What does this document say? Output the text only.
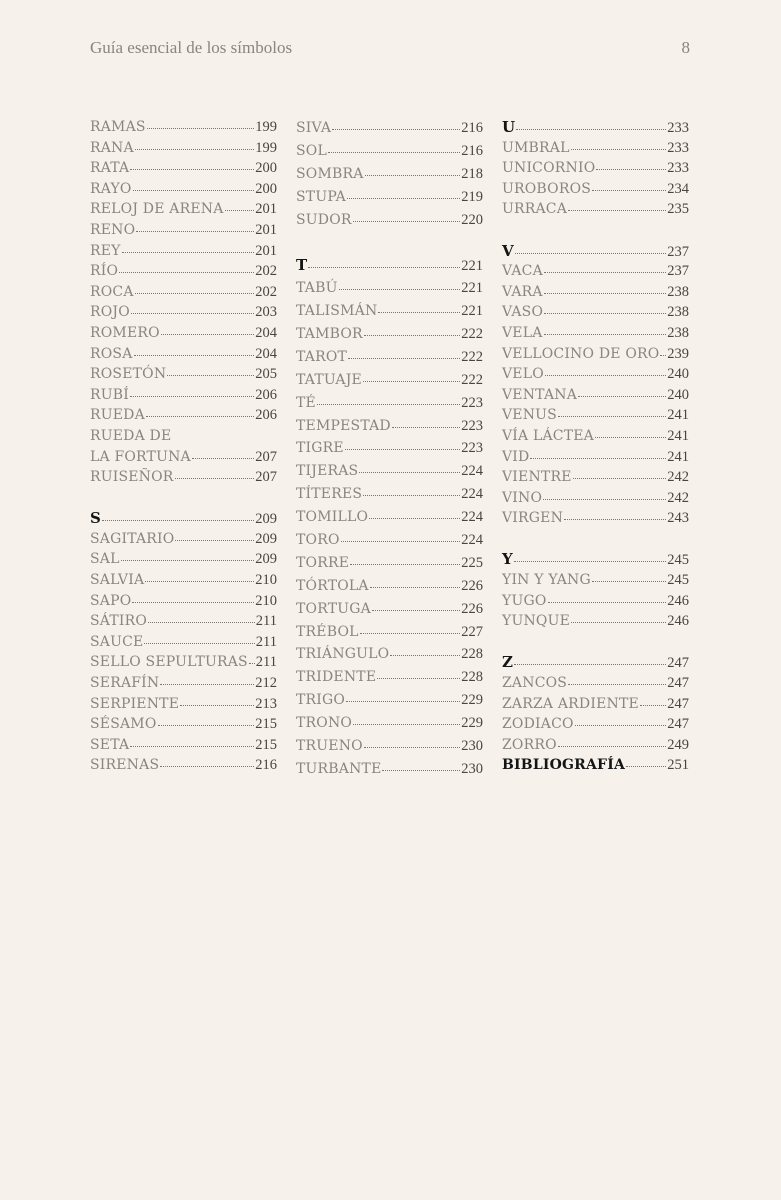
Guía esencial de los símbolos	8
RAMAS	199
RANA	199
RATA	200
RAYO	200
RELOJ DE ARENA 201
RENO	201
REY	201
RÍO	202
ROCA	202
ROJO	203
ROMERO	204
ROSA	204
ROSETÓN	205
RUBÍ	206
RUEDA	206
RUEDA DE
LA FORTUNA	207
RUISEÑOR	207
S	209
SAGITARIO	209
SAL	209
SALVIA	210
SAPO	210
SÁTIRO	211
SAUCE	211
SELLO SEPULTURAS 211
SERAFÍN	212
SERPIENTE	213
SÉSAMO	215
SETA	215
SIRENAS	216
SIVA	216
SOL	216
SOMBRA	218
STUPA	219
SUDOR	220
T	221
TABÚ	221
TALISMÁN	221
TAMBOR	222
TAROT	222
TATUAJE	222
TÉ	223
TEMPESTAD	223
TIGRE	223
TIJERAS	224
TÍTERES	224
TOMILLO	224
TORO	224
TORRE	225
TÓRTOLA	226
TORTUGA	226
TRÉBOL	227
TRIÁNGULO	228
TRIDENTE	228
TRIGO	229
TRONO	229
TRUENO	230
TURBANTE	230
U	233
UMBRAL	233
UNICORNIO	233
UROBOROS	234
URRACA	235
V	237
VACA	237
VARA	238
VASO	238
VELA	238
VELLOCINO DE ORO 239
VELO	240
VENTANA	240
VENUS	241
VÍA LÁCTEA	241
VID	241
VIENTRE	242
VINO	242
VIRGEN	243
Y	245
YIN Y YANG	245
YUGO	246
YUNQUE	246
Z	247
ZANCOS	247
ZARZA ARDIENTE 247
ZODIACO	247
ZORRO	249
BIBLIOGRAFÍA	251
